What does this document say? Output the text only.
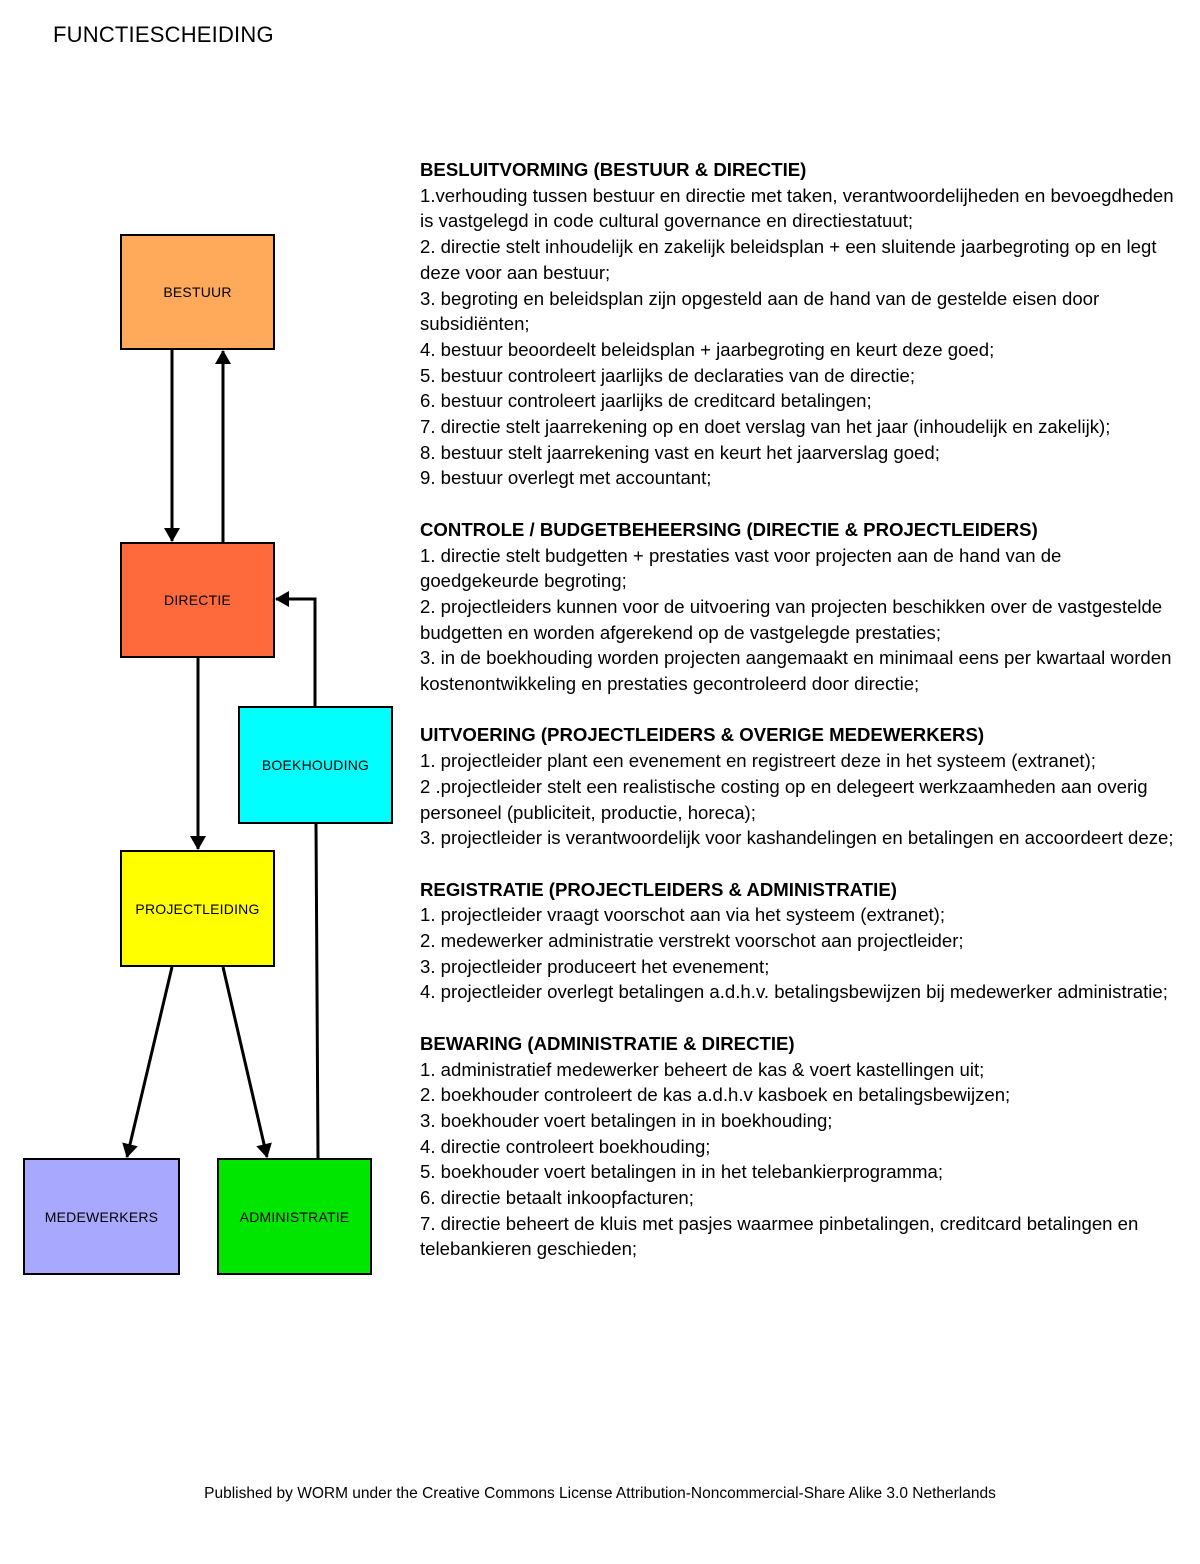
FUNCTIESCHEIDING
BESTUUR
DIRECTIE
BOEKHOUDING
PROJECTLEIDING
MEDEWERKERS	ADMINISTRATIE
BESLUITVORMING (BESTUUR & DIRECTIE)
1.verhouding tussen bestuur en directie met taken, verantwoordelijheden en bevoegdheden is vastgelegd in code cultural governance en directiestatuut;
2. directie stelt inhoudelijk en zakelijk beleidsplan + een sluitende jaarbegroting op en legt deze voor aan bestuur;
3. begroting en beleidsplan zijn opgesteld aan de hand van de gestelde eisen door subsidiënten;
4. bestuur beoordeelt beleidsplan + jaarbegroting en keurt deze goed;
5. bestuur controleert jaarlijks de declaraties van de directie;
6. bestuur controleert jaarlijks de creditcard betalingen;
7. directie stelt jaarrekening op en doet verslag van het jaar (inhoudelijk en zakelijk);
8. bestuur stelt jaarrekening vast en keurt het jaarverslag goed;
9. bestuur overlegt met accountant;
CONTROLE / BUDGETBEHEERSING (DIRECTIE & PROJECTLEIDERS)
1. directie stelt budgetten + prestaties vast voor projecten aan de hand van de goedgekeurde begroting;
2. projectleiders kunnen voor de uitvoering van projecten beschikken over de vastgestelde budgetten en worden afgerekend op de vastgelegde prestaties;
3. in de boekhouding worden projecten aangemaakt en minimaal eens per kwartaal worden kostenontwikkeling en prestaties gecontroleerd door directie;
UITVOERING (PROJECTLEIDERS & OVERIGE MEDEWERKERS)
1. projectleider plant een evenement en registreert deze in het systeem (extranet);
2 .projectleider stelt een realistische costing op en delegeert werkzaamheden aan overig personeel (publiciteit, productie, horeca);
3. projectleider is verantwoordelijk voor kashandelingen en betalingen en accoordeert deze;
REGISTRATIE (PROJECTLEIDERS & ADMINISTRATIE)
1. projectleider vraagt voorschot aan via het systeem (extranet);
2. medewerker administratie verstrekt voorschot aan projectleider;
3. projectleider produceert het evenement;
4. projectleider overlegt betalingen a.d.h.v. betalingsbewijzen bij medewerker administratie;
BEWARING (ADMINISTRATIE & DIRECTIE)
1. administratief medewerker beheert de kas & voert kastellingen uit;
2. boekhouder controleert de kas a.d.h.v kasboek en betalingsbewijzen;
3. boekhouder voert betalingen in in boekhouding;
4. directie controleert boekhouding;
5. boekhouder voert betalingen in in het telebankierprogramma;
6. directie betaalt inkoopfacturen;
7. directie beheert de kluis met pasjes waarmee pinbetalingen, creditcard betalingen en telebankieren geschieden;
Published by WORM under the Creative Commons License Attribution-Noncommercial-Share Alike 3.0 Netherlands
